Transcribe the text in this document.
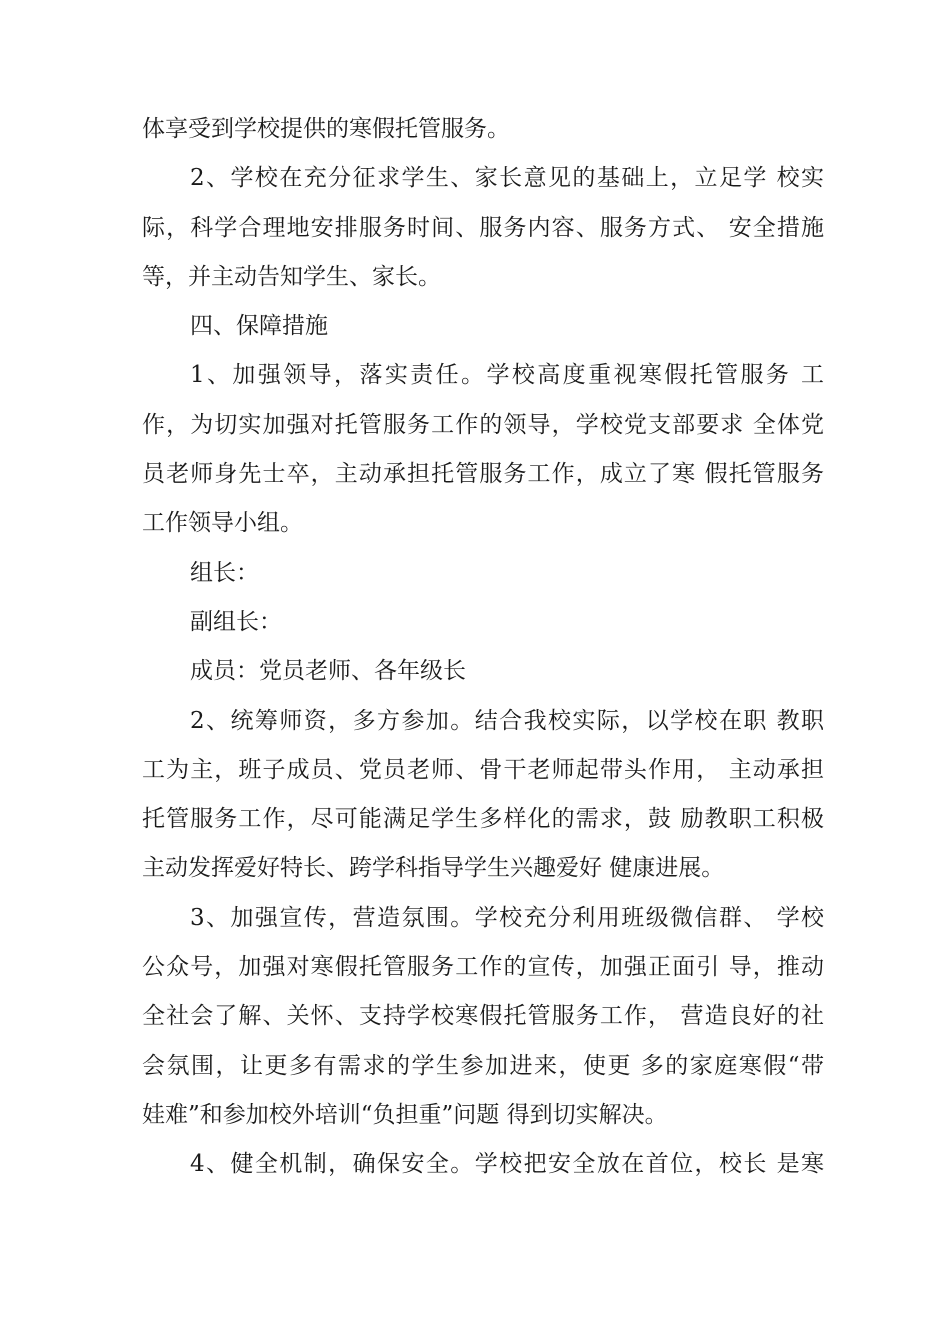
体享受到学校提供的寒假托管服务。
2、学校在充分征求学生、家长意见的基础上，立足学 校实
际，科学合理地安排服务时间、服务内容、服务方式、 安全措施
等，并主动告知学生、家长。
四、保障措施
1、加强领导，落实责任。学校高度重视寒假托管服务 工
作，为切实加强对托管服务工作的领导，学校党支部要求 全体党
员老师身先士卒，主动承担托管服务工作，成立了寒 假托管服务
工作领导小组。
组长：
副组长：
成员：党员老师、各年级长
2、统筹师资，多方参加。结合我校实际，以学校在职 教职
工为主，班子成员、党员老师、骨干老师起带头作用， 主动承担
托管服务工作，尽可能满足学生多样化的需求，鼓 励教职工积极
主动发挥爱好特长、跨学科指导学生兴趣爱好 健康进展。
3、加强宣传，营造氛围。学校充分利用班级微信群、 学校
公众号，加强对寒假托管服务工作的宣传，加强正面引 导，推动
全社会了解、关怀、支持学校寒假托管服务工作， 营造良好的社
会氛围，让更多有需求的学生参加进来，使更 多的家庭寒假“带
娃难”和参加校外培训“负担重”问题 得到切实解决。
4、健全机制，确保安全。学校把安全放在首位，校长 是寒
